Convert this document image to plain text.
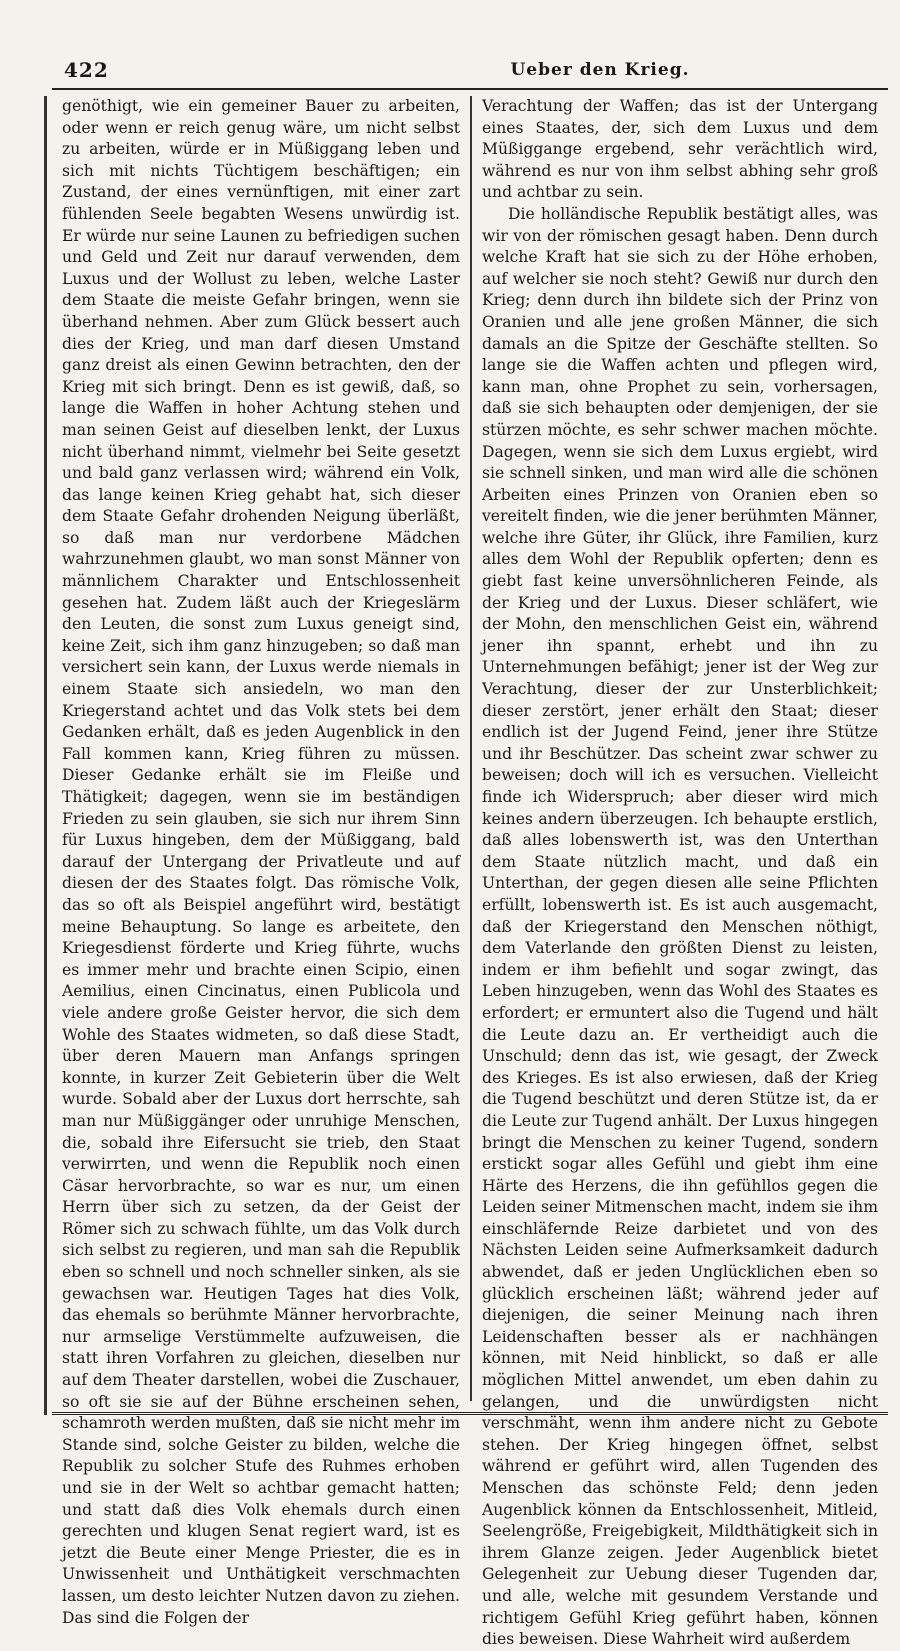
422	Ueber den Krieg.

genöthigt, wie ein gemeiner Bauer zu arbeiten, oder wenn er reich genug wäre, um nicht selbst zu arbeiten, würde er in Müßiggang leben und sich mit nichts Tüchtigem beschäftigen; ein Zustand, der eines vernünftigen, mit einer zart fühlenden Seele begabten Wesens unwürdig ist. Er würde nur seine Launen zu befriedigen suchen und Geld und Zeit nur darauf verwenden, dem Luxus und der Wollust zu leben, welche Laster dem Staate die meiste Gefahr bringen, wenn sie überhand nehmen. Aber zum Glück bessert auch dies der Krieg, und man darf diesen Umstand ganz dreist als einen Gewinn betrachten, den der Krieg mit sich bringt. Denn es ist gewiß, daß, so lange die Waffen in hoher Achtung stehen und man seinen Geist auf dieselben lenkt, der Luxus nicht überhand nimmt, vielmehr bei Seite gesetzt und bald ganz verlassen wird; während ein Volk, das lange keinen Krieg gehabt hat, sich dieser dem Staate Gefahr drohenden Neigung überläßt, so daß man nur verdorbene Mädchen wahrzunehmen glaubt, wo man sonst Männer von männlichem Charakter und Entschlossenheit gesehen hat. Zudem läßt auch der Kriegeslärm den Leuten, die sonst zum Luxus geneigt sind, keine Zeit, sich ihm ganz hinzugeben; so daß man versichert sein kann, der Luxus werde niemals in einem Staate sich ansiedeln, wo man den Kriegerstand achtet und das Volk stets bei dem Gedanken erhält, daß es jeden Augenblick in den Fall kommen kann, Krieg führen zu müssen. Dieser Gedanke erhält sie im Fleiße und Thätigkeit; dagegen, wenn sie im beständigen Frieden zu sein glauben, sie sich nur ihrem Sinn für Luxus hingeben, dem der Müßiggang, bald darauf der Untergang der Privatleute und auf diesen der des Staates folgt. Das römische Volk, das so oft als Beispiel angeführt wird, bestätigt meine Behauptung. So lange es arbeitete, den Kriegesdienst förderte und Krieg führte, wuchs es immer mehr und brachte einen Scipio, einen Aemilius, einen Cincinatus, einen Publicola und viele andere große Geister hervor, die sich dem Wohle des Staates widmeten, so daß diese Stadt, über deren Mauern man Anfangs springen konnte, in kurzer Zeit Gebieterin über die Welt wurde. Sobald aber der Luxus dort herrschte, sah man nur Müßiggänger oder unruhige Menschen, die, sobald ihre Eifersucht sie trieb, den Staat verwirrten, und wenn die Republik noch einen Cäsar hervorbrachte, so war es nur, um einen Herrn über sich zu setzen, da der Geist der Römer sich zu schwach fühlte, um das Volk durch sich selbst zu regieren, und man sah die Republik eben so schnell und noch schneller sinken, als sie gewachsen war. Heutigen Tages hat dies Volk, das ehemals so berühmte Männer hervorbrachte, nur armselige Verstümmelte aufzuweisen, die statt ihren Vorfahren zu gleichen, dieselben nur auf dem Theater darstellen, wobei die Zuschauer, so oft sie sie auf der Bühne erscheinen sehen, schamroth werden mußten, daß sie nicht mehr im Stande sind, solche Geister zu bilden, welche die Republik zu solcher Stufe des Ruhmes erhoben und sie in der Welt so achtbar gemacht hatten; und statt daß dies Volk ehemals durch einen gerechten und klugen Senat regiert ward, ist es jetzt die Beute einer Menge Priester, die es in Unwissenheit und Unthätigkeit verschmachten lassen, um desto leichter Nutzen davon zu ziehen. Das sind die Folgen der

Verachtung der Waffen; das ist der Untergang eines Staates, der, sich dem Luxus und dem Müßiggange ergebend, sehr verächtlich wird, während es nur von ihm selbst abhing sehr groß und achtbar zu sein.

Die holländische Republik bestätigt alles, was wir von der römischen gesagt haben. Denn durch welche Kraft hat sie sich zu der Höhe erhoben, auf welcher sie noch steht? Gewiß nur durch den Krieg; denn durch ihn bildete sich der Prinz von Oranien und alle jene großen Männer, die sich damals an die Spitze der Geschäfte stellten. So lange sie die Waffen achten und pflegen wird, kann man, ohne Prophet zu sein, vorhersagen, daß sie sich behaupten oder demjenigen, der sie stürzen möchte, es sehr schwer machen möchte. Dagegen, wenn sie sich dem Luxus ergiebt, wird sie schnell sinken, und man wird alle die schönen Arbeiten eines Prinzen von Oranien eben so vereitelt finden, wie die jener berühmten Männer, welche ihre Güter, ihr Glück, ihre Familien, kurz alles dem Wohl der Republik opferten; denn es giebt fast keine unversöhnlicheren Feinde, als der Krieg und der Luxus. Dieser schläfert, wie der Mohn, den menschlichen Geist ein, während jener ihn spannt, erhebt und ihn zu Unternehmungen befähigt; jener ist der Weg zur Verachtung, dieser der zur Unsterblichkeit; dieser zerstört, jener erhält den Staat; dieser endlich ist der Jugend Feind, jener ihre Stütze und ihr Beschützer. Das scheint zwar schwer zu beweisen; doch will ich es versuchen. Vielleicht finde ich Widerspruch; aber dieser wird mich keines andern überzeugen. Ich behaupte erstlich, daß alles lobenswerth ist, was den Unterthan dem Staate nützlich macht, und daß ein Unterthan, der gegen diesen alle seine Pflichten erfüllt, lobenswerth ist. Es ist auch ausgemacht, daß der Kriegerstand den Menschen nöthigt, dem Vaterlande den größten Dienst zu leisten, indem er ihm befiehlt und sogar zwingt, das Leben hinzugeben, wenn das Wohl des Staates es erfordert; er ermuntert also die Tugend und hält die Leute dazu an. Er vertheidigt auch die Unschuld; denn das ist, wie gesagt, der Zweck des Krieges. Es ist also erwiesen, daß der Krieg die Tugend beschützt und deren Stütze ist, da er die Leute zur Tugend anhält. Der Luxus hingegen bringt die Menschen zu keiner Tugend, sondern erstickt sogar alles Gefühl und giebt ihm eine Härte des Herzens, die ihn gefühllos gegen die Leiden seiner Mitmenschen macht, indem sie ihm einschläfernde Reize darbietet und von des Nächsten Leiden seine Aufmerksamkeit dadurch abwendet, daß er jeden Unglücklichen eben so glücklich erscheinen läßt; während jeder auf diejenigen, die seiner Meinung nach ihren Leidenschaften besser als er nachhängen können, mit Neid hinblickt, so daß er alle möglichen Mittel anwendet, um eben dahin zu gelangen, und die unwürdigsten nicht verschmäht, wenn ihm andere nicht zu Gebote stehen. Der Krieg hingegen öffnet, selbst während er geführt wird, allen Tugenden des Menschen das schönste Feld; denn jeden Augenblick können da Entschlossenheit, Mitleid, Seelengröße, Freigebigkeit, Mildthätigkeit sich in ihrem Glanze zeigen. Jeder Augenblick bietet Gelegenheit zur Uebung dieser Tugenden dar, und alle, welche mit gesundem Verstande und richtigem Gefühl Krieg geführt haben, können dies beweisen. Diese Wahrheit wird außerdem
